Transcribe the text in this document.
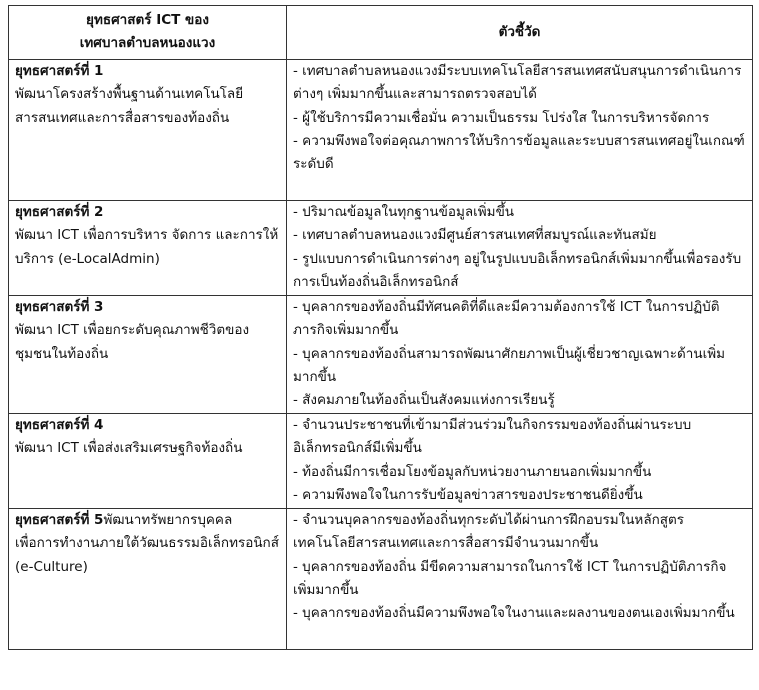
ยุทธศาสตร์ ICT ของ
เทศบาลตำบลหนองแวง	ตัวชี้วัด
ยุทธศาสตร์ที่ 1
พัฒนาโครงสร้างพื้นฐานด้านเทคโนโลยีสารสนเทศและการสื่อสารของท้องถิ่น	- เทศบาลตำบลหนองแวงมีระบบเทคโนโลยีสารสนเทศสนับสนุนการดำเนินการต่างๆ เพิ่มมากขึ้นและสามารถตรวจสอบได้
- ผู้ใช้บริการมีความเชื่อมั่น ความเป็นธรรม โปร่งใส ในการบริหารจัดการ
- ความพึงพอใจต่อคุณภาพการให้บริการข้อมูลและระบบสารสนเทศอยู่ในเกณฑ์ระดับดี

ยุทธศาสตร์ที่ 2
พัฒนา ICT เพื่อการบริหาร จัดการ และการให้บริการ (e-LocalAdmin)	- ปริมาณข้อมูลในทุกฐานข้อมูลเพิ่มขึ้น
- เทศบาลตำบลหนองแวงมีศูนย์สารสนเทศที่สมบูรณ์และทันสมัย
- รูปแบบการดำเนินการต่างๆ อยู่ในรูปแบบอิเล็กทรอนิกส์เพิ่มมากขึ้นเพื่อรองรับการเป็นท้องถิ่นอิเล็กทรอนิกส์

ยุทธศาสตร์ที่ 3
พัฒนา ICT เพื่อยกระดับคุณภาพชีวิตของชุมชนในท้องถิ่น	- บุคลากรของท้องถิ่นมีทัศนคติที่ดีและมีความต้องการใช้ ICT ในการปฏิบัติภารกิจเพิ่มมากขึ้น
- บุคลากรของท้องถิ่นสามารถพัฒนาศักยภาพเป็นผู้เชี่ยวชาญเฉพาะด้านเพิ่มมากขึ้น
- สังคมภายในท้องถิ่นเป็นสังคมแห่งการเรียนรู้

ยุทธศาสตร์ที่ 4
พัฒนา ICT เพื่อส่งเสริมเศรษฐกิจท้องถิ่น	- จำนวนประชาชนที่เข้ามามีส่วนร่วมในกิจกรรมของท้องถิ่นผ่านระบบอิเล็กทรอนิกส์มีเพิ่มขึ้น
- ท้องถิ่นมีการเชื่อมโยงข้อมูลกับหน่วยงานภายนอกเพิ่มมากขึ้น
- ความพึงพอใจในการรับข้อมูลข่าวสารของประชาชนดียิ่งขึ้น

ยุทธศาสตร์ที่ 5พัฒนาทรัพยากรบุคคล
เพื่อการทำงานภายใต้วัฒนธรรมอิเล็กทรอนิกส์ (e-Culture)	- จำนวนบุคลากรของท้องถิ่นทุกระดับได้ผ่านการฝึกอบรมในหลักสูตรเทคโนโลยีสารสนเทศและการสื่อสารมีจำนวนมากขึ้น
- บุคลากรของท้องถิ่น มีขีดความสามารถในการใช้ ICT ในการปฏิบัติภารกิจเพิ่มมากขึ้น
- บุคลากรของท้องถิ่นมีความพึงพอใจในงานและผลงานของตนเองเพิ่มมากขึ้น
